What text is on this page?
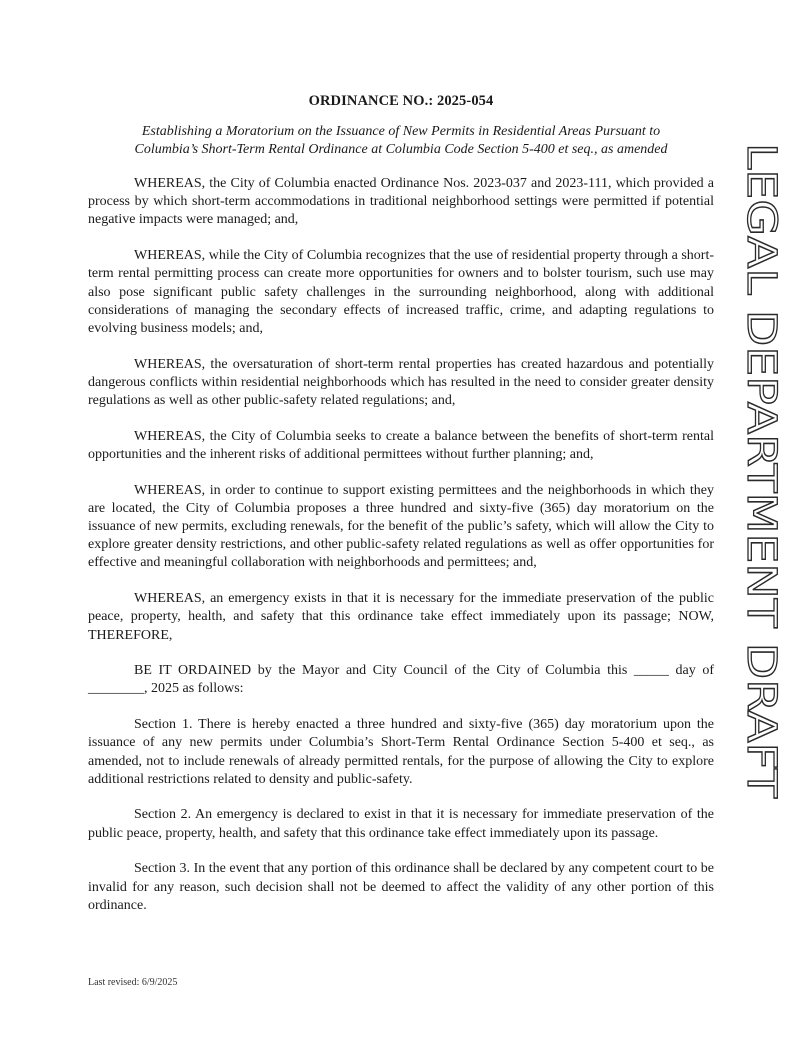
ORDINANCE NO.: 2025-054
Establishing a Moratorium on the Issuance of New Permits in Residential Areas Pursuant to
Columbia’s Short-Term Rental Ordinance at Columbia Code Section 5-400 et seq., as amended

WHEREAS, the City of Columbia enacted Ordinance Nos. 2023-037 and 2023-111, which provided a process by which short-term accommodations in traditional neighborhood settings were permitted if potential negative impacts were managed; and,

WHEREAS, while the City of Columbia recognizes that the use of residential property through a short-term rental permitting process can create more opportunities for owners and to bolster tourism, such use may also pose significant public safety challenges in the surrounding neighborhood, along with additional considerations of managing the secondary effects of increased traffic, crime, and adapting regulations to evolving business models; and,

WHEREAS, the oversaturation of short-term rental properties has created hazardous and potentially dangerous conflicts within residential neighborhoods which has resulted in the need to consider greater density regulations as well as other public-safety related regulations; and,

WHEREAS, the City of Columbia seeks to create a balance between the benefits of short-term rental opportunities and the inherent risks of additional permittees without further planning; and,

WHEREAS, in order to continue to support existing permittees and the neighborhoods in which they are located, the City of Columbia proposes a three hundred and sixty-five (365) day moratorium on the issuance of new permits, excluding renewals, for the benefit of the public’s safety, which will allow the City to explore greater density restrictions, and other public-safety related regulations as well as offer opportunities for effective and meaningful collaboration with neighborhoods and permittees; and,

WHEREAS, an emergency exists in that it is necessary for the immediate preservation of the public peace, property, health, and safety that this ordinance take effect immediately upon its passage; NOW, THEREFORE,

BE IT ORDAINED by the Mayor and City Council of the City of Columbia this _____ day of ________, 2025 as follows:

Section 1. There is hereby enacted a three hundred and sixty-five (365) day moratorium upon the issuance of any new permits under Columbia’s Short-Term Rental Ordinance Section 5-400 et seq., as amended, not to include renewals of already permitted rentals, for the purpose of allowing the City to explore additional restrictions related to density and public-safety.

Section 2. An emergency is declared to exist in that it is necessary for immediate preservation of the public peace, property, health, and safety that this ordinance take effect immediately upon its passage.

Section 3. In the event that any portion of this ordinance shall be declared by any competent court to be invalid for any reason, such decision shall not be deemed to affect the validity of any other portion of this ordinance.

Last revised: 6/9/2025
LEGAL DEPARTMENT DRAFT
